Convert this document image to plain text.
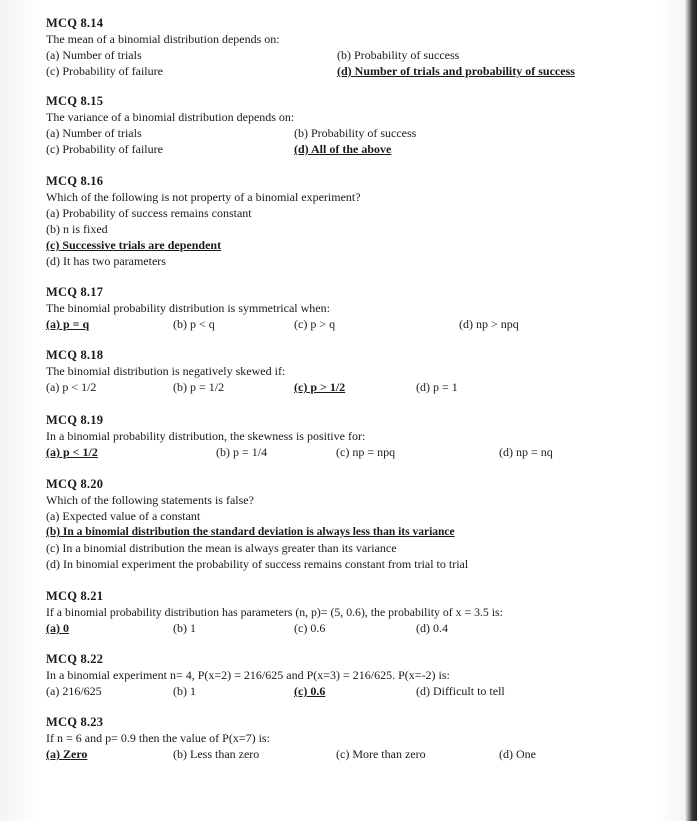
MCQ 8.14
The mean of a binomial distribution depends on:
(a) Number of trials	(b) Probability of success
(c) Probability of failure	(d) Number of trials and probability of success
MCQ 8.15
The variance of a binomial distribution depends on:
(a) Number of trials	(b) Probability of success
(c) Probability of failure	(d) All of the above
MCQ 8.16
Which of the following is not property of a binomial experiment?
(a) Probability of success remains constant
(b) n is fixed
(c) Successive trials are dependent
(d) It has two parameters
MCQ 8.17
The binomial probability distribution is symmetrical when:
(a) p = q	(b) p < q	(c) p > q	(d) np > npq
MCQ 8.18
The binomial distribution is negatively skewed if:
(a) p < 1/2	(b) p = 1/2	(c) p > 1/2	(d) p = 1
MCQ 8.19
In a binomial probability distribution, the skewness is positive for:
(a) p < 1/2	(b) p = 1/4	(c) np = npq	(d) np = nq
MCQ 8.20
Which of the following statements is false?
(a) Expected value of a constant
(b) In a binomial distribution the standard deviation is always less than its variance
(c) In a binomial distribution the mean is always greater than its variance
(d) In binomial experiment the probability of success remains constant from trial to trial
MCQ 8.21
If a binomial probability distribution has parameters (n, p)= (5, 0.6), the probability of x = 3.5 is:
(a) 0	(b) 1	(c) 0.6	(d) 0.4
MCQ 8.22
In a binomial experiment n= 4, P(x=2) = 216/625 and P(x=3) = 216/625. P(x=-2) is:
(a) 216/625	(b) 1	(c) 0.6	(d) Difficult to tell
MCQ 8.23
If n = 6 and p= 0.9 then the value of P(x=7) is:
(a) Zero	(b) Less than zero	(c) More than zero	(d) One
